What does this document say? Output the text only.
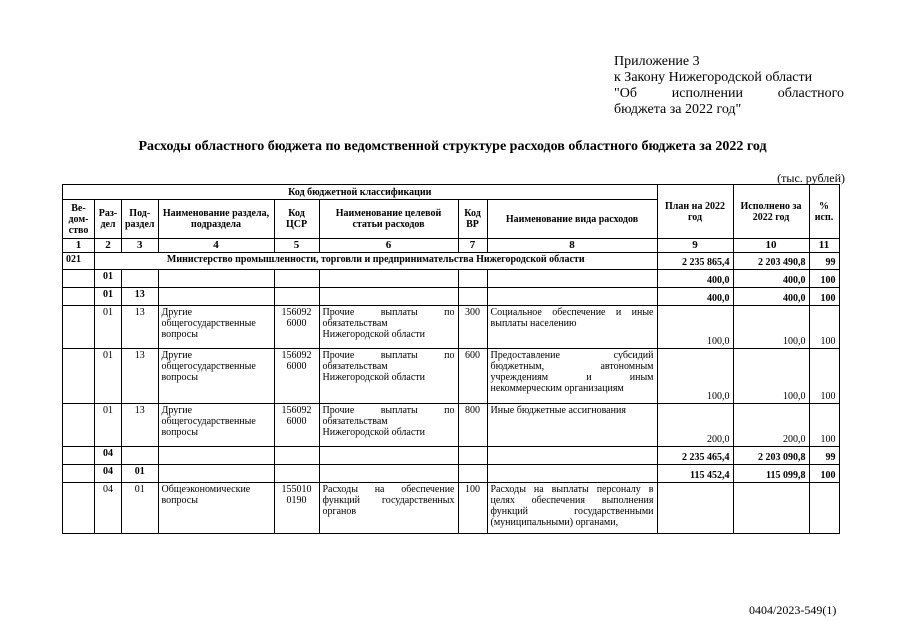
Приложение 3
к Закону Нижегородской области
"Об исполнении областного
бюджета за 2022 год"
Расходы областного бюджета по ведомственной структуре расходов областного бюджета за 2022 год
(тыс. рублей)
Код бюджетной классификации								План на 2022 год	Исполнено за 2022 год	% исп.
Ве-дом-ство	Раз-дел	Под-раздел	Наименование раздела, подраздела	Код ЦСР	Наименование целевой статьи расходов	Код ВР	Наименование вида расходов			
1	2	3	4	5	6	7	8	9	10	11
021	Министерство промышленности, торговли и предпринимательства Нижегородской области							2 235 865,4	2 203 490,8	99
	01							400,0	400,0	100
	01	13						400,0	400,0	100
	01	13	Другие общегосударственные вопросы	156092 6000	Прочие выплаты по обязательствам Нижегородской области	300	Социальное обеспечение и иные выплаты населению	100,0	100,0	100
	01	13	Другие общегосударственные вопросы	156092 6000	Прочие выплаты по обязательствам Нижегородской области	600	Предоставление субсидий бюджетным, автономным учреждениям и иным некоммерческим организациям	100,0	100,0	100
	01	13	Другие общегосударственные вопросы	156092 6000	Прочие выплаты по обязательствам Нижегородской области	800	Иные бюджетные ассигнования	200,0	200,0	100
	04							2 235 465,4	2 203 090,8	99
	04	01						115 452,4	115 099,8	100
	04	01	Общеэкономические вопросы	155010 0190	Расходы на обеспечение функций государственных органов	100	Расходы на выплаты персоналу в целях обеспечения выполнения функций государственными (муниципальными) органами,			
0404/2023-549(1)
